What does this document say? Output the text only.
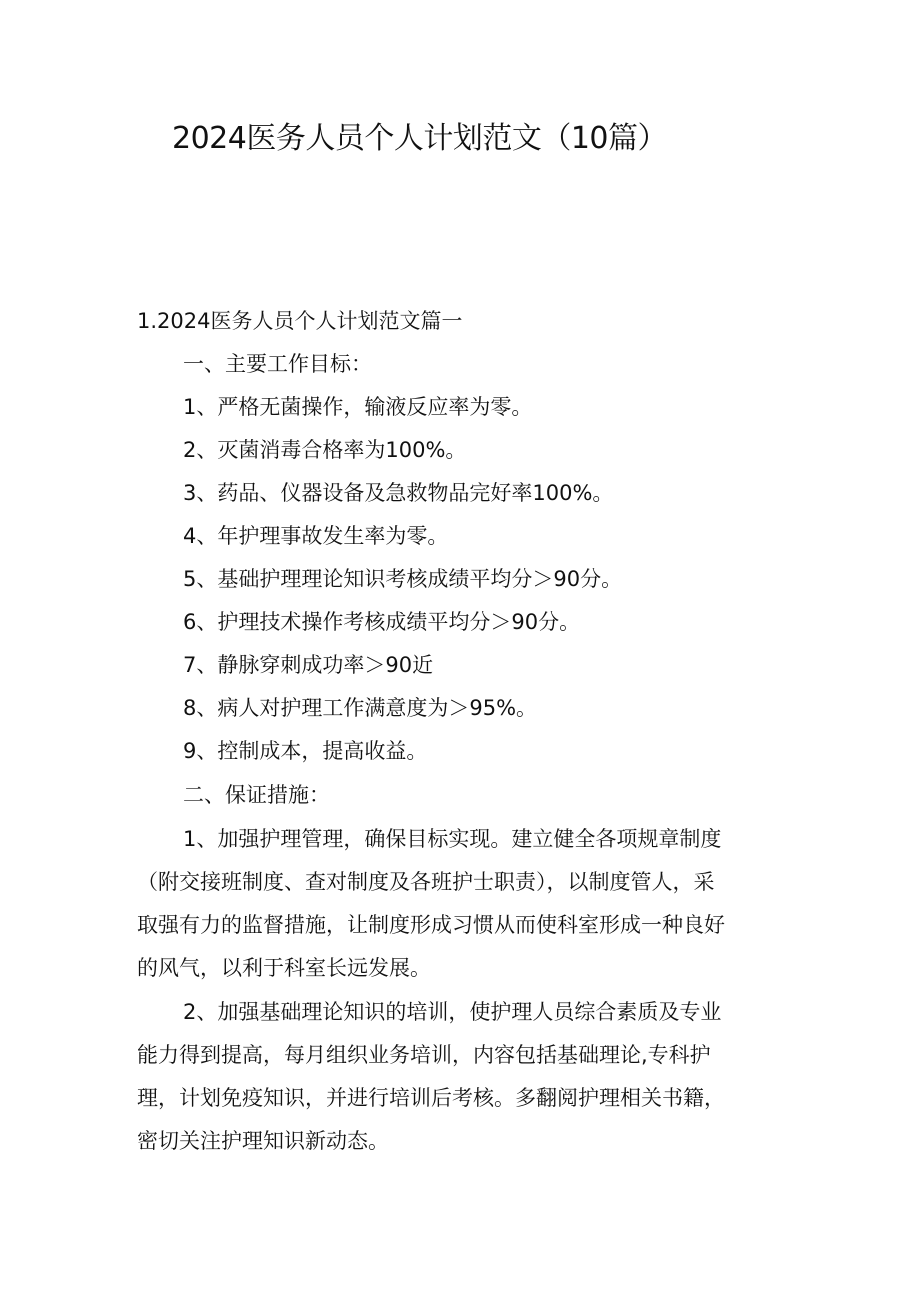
2024医务人员个人计划范文（10篇）
1.2024医务人员个人计划范文篇一
一、主要工作目标：
1、严格无菌操作，输液反应率为零。
2、灭菌消毒合格率为100%。
3、药品、仪器设备及急救物品完好率100%。
4、年护理事故发生率为零。
5、基础护理理论知识考核成绩平均分＞90分。
6、护理技术操作考核成绩平均分＞90分。
7、静脉穿刺成功率＞90近
8、病人对护理工作满意度为＞95%。
9、控制成本，提高收益。
二、保证措施：
1、加强护理管理，确保目标实现。建立健全各项规章制度
（附交接班制度、查对制度及各班护士职责），以制度管人，采
取强有力的监督措施，让制度形成习惯从而使科室形成一种良好
的风气，以利于科室长远发展。
2、加强基础理论知识的培训，使护理人员综合素质及专业
能力得到提高，每月组织业务培训，内容包括基础理论,专科护
理，计划免疫知识，并进行培训后考核。多翻阅护理相关书籍，
密切关注护理知识新动态。
